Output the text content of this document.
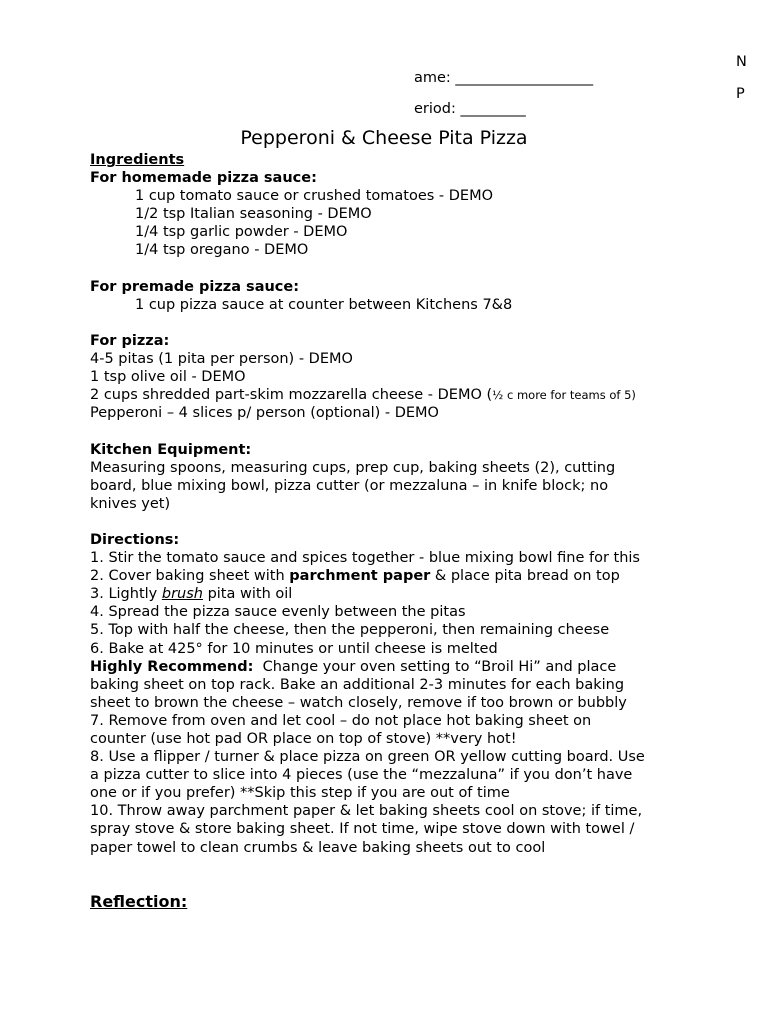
N
P
ame: ___________________
eriod: _________
Pepperoni & Cheese Pita Pizza
Ingredients
For homemade pizza sauce:
1 cup tomato sauce or crushed tomatoes - DEMO
1/2 tsp Italian seasoning - DEMO
1/4 tsp garlic powder - DEMO
1/4 tsp oregano - DEMO
For premade pizza sauce:
1 cup pizza sauce at counter between Kitchens 7&8
For pizza:
4-5 pitas (1 pita per person) - DEMO
1 tsp olive oil - DEMO
2 cups shredded part-skim mozzarella cheese - DEMO (½ c more for teams of 5)
Pepperoni – 4 slices p/ person (optional) - DEMO
Kitchen Equipment:
Measuring spoons, measuring cups, prep cup, baking sheets (2), cutting
board, blue mixing bowl, pizza cutter (or mezzaluna – in knife block; no
knives yet)
Directions:
1. Stir the tomato sauce and spices together - blue mixing bowl fine for this
2. Cover baking sheet with parchment paper & place pita bread on top
3. Lightly brush pita with oil
4. Spread the pizza sauce evenly between the pitas
5. Top with half the cheese, then the pepperoni, then remaining cheese
6. Bake at 425° for 10 minutes or until cheese is melted
Highly Recommend:  Change your oven setting to “Broil Hi” and place
baking sheet on top rack. Bake an additional 2-3 minutes for each baking
sheet to brown the cheese – watch closely, remove if too brown or bubbly
7. Remove from oven and let cool – do not place hot baking sheet on
counter (use hot pad OR place on top of stove) **very hot!
8. Use a flipper / turner & place pizza on green OR yellow cutting board. Use
a pizza cutter to slice into 4 pieces (use the “mezzaluna” if you don’t have
one or if you prefer) **Skip this step if you are out of time
10. Throw away parchment paper & let baking sheets cool on stove; if time,
spray stove & store baking sheet. If not time, wipe stove down with towel /
paper towel to clean crumbs & leave baking sheets out to cool
Reflection:
